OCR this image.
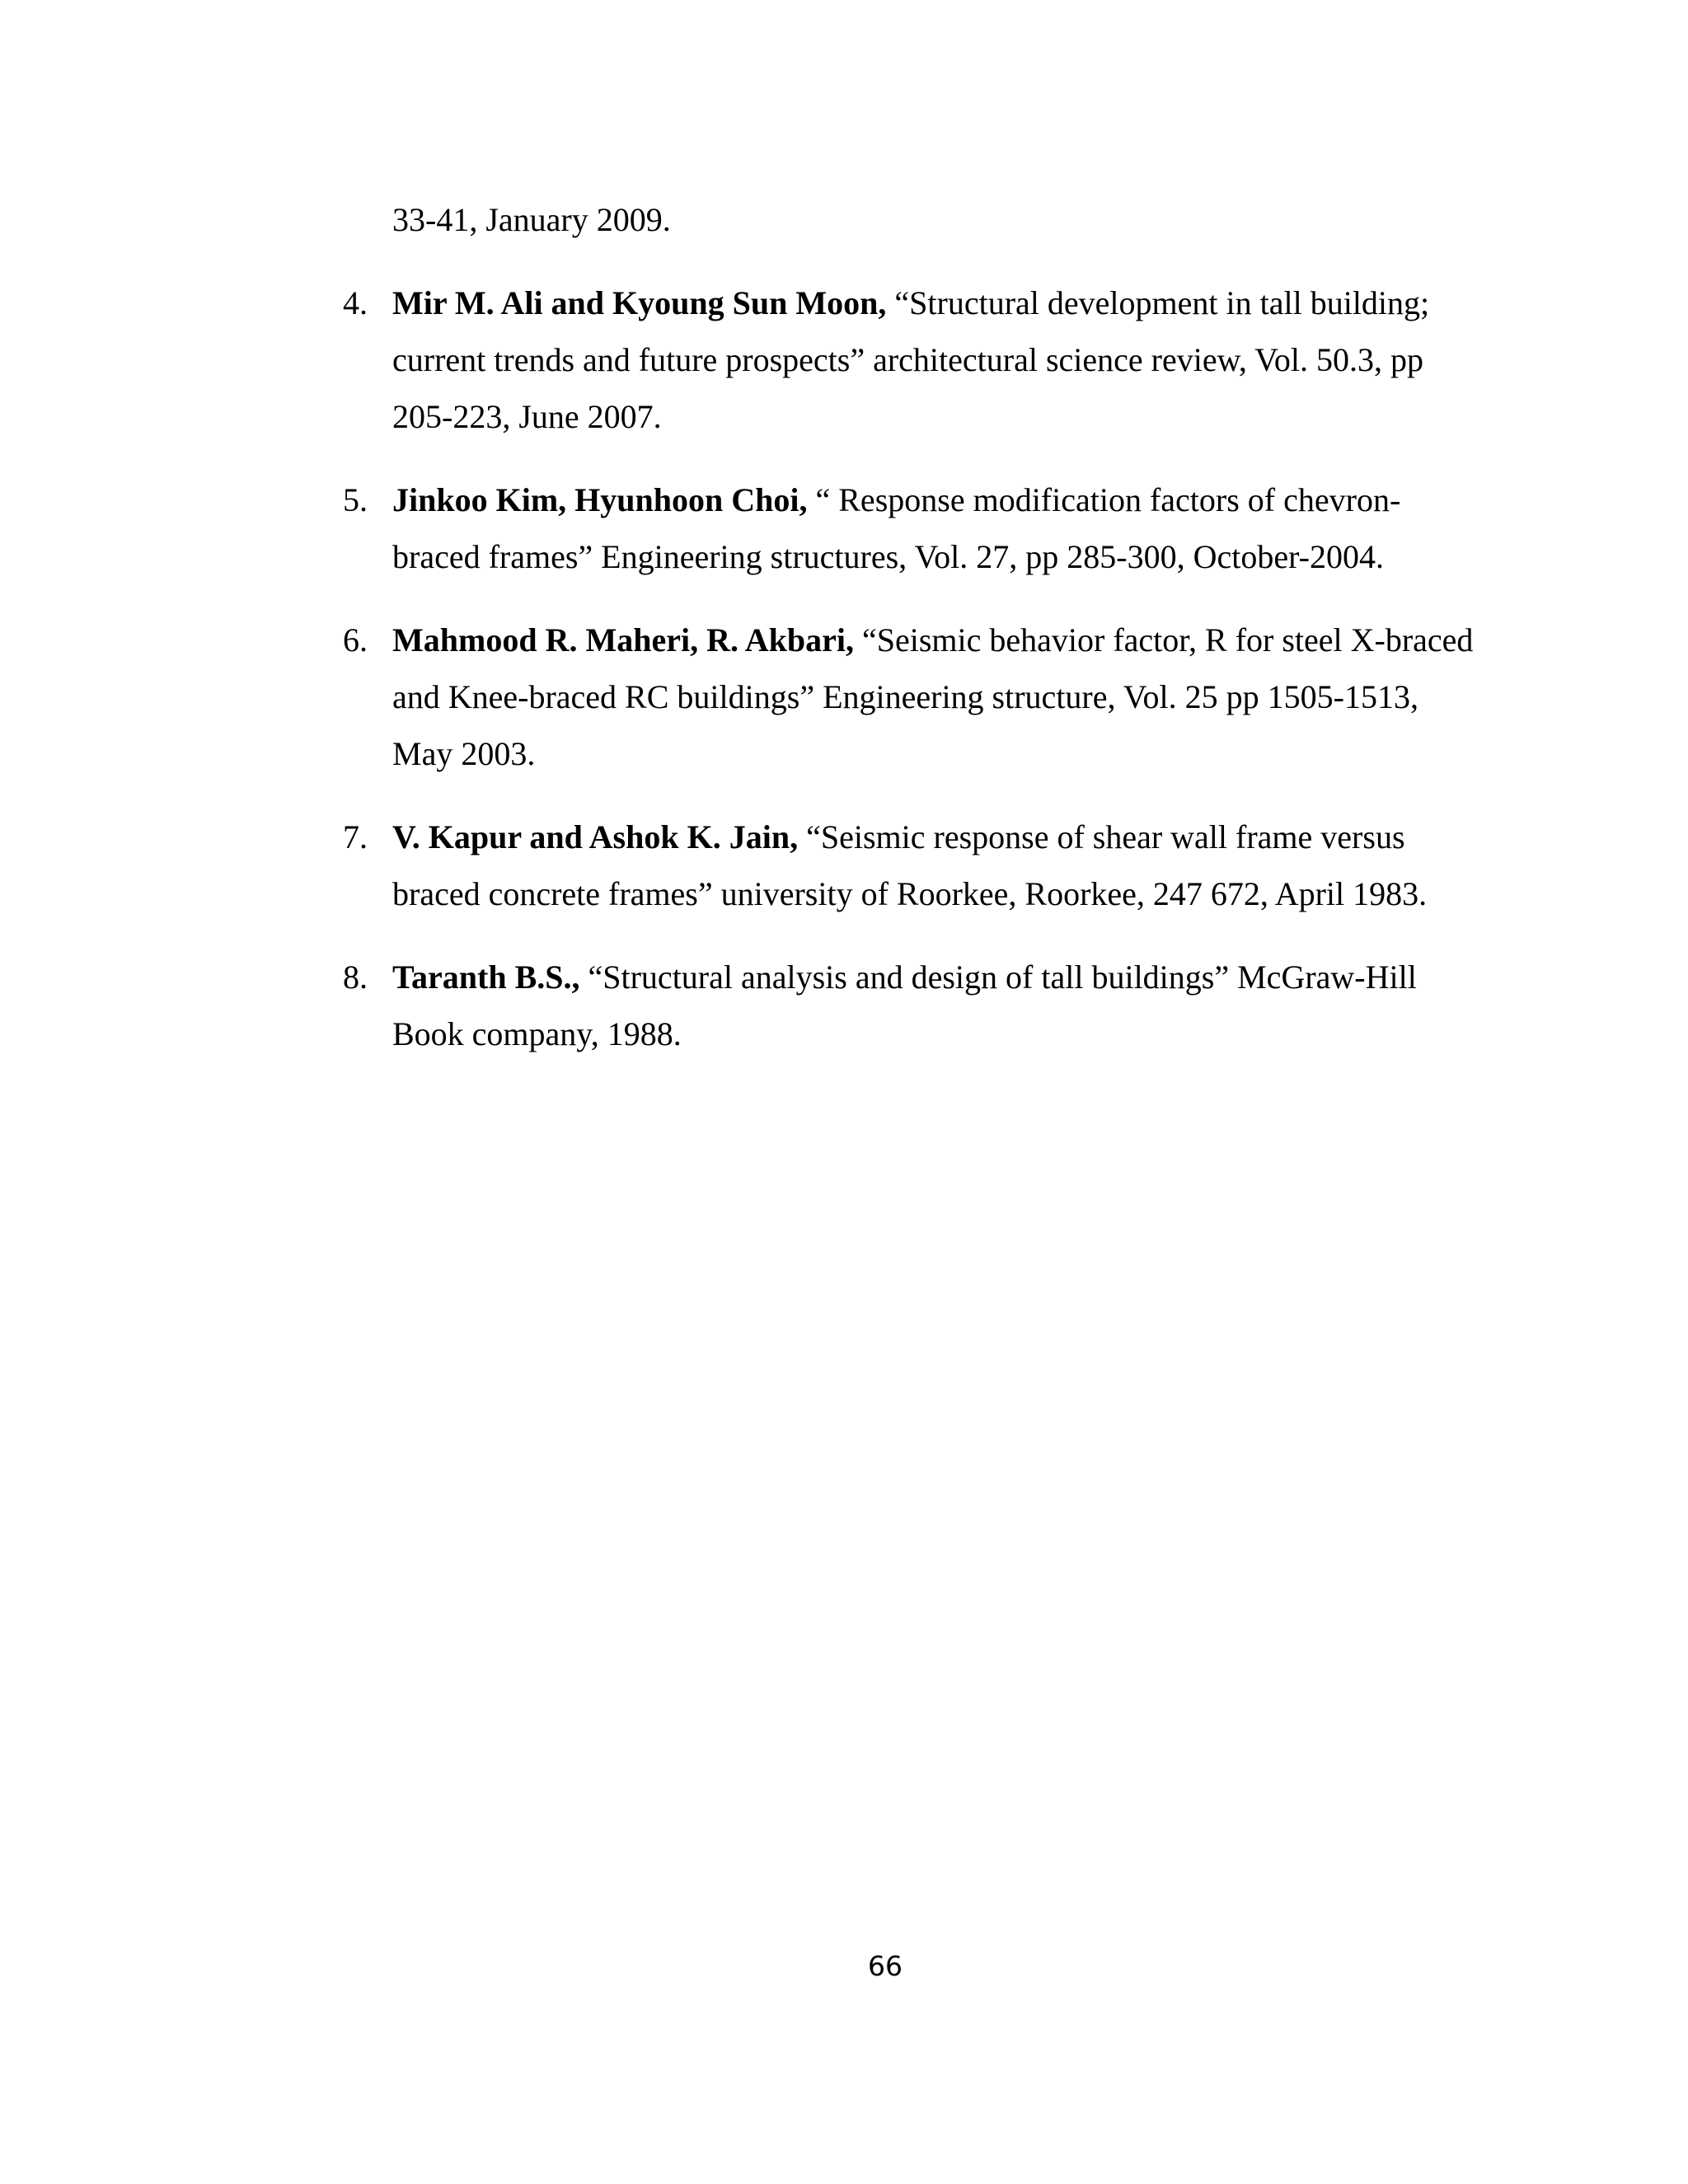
33-41, January 2009.
4. Mir M. Ali and Kyoung Sun Moon, “Structural development in tall building;
current trends and future prospects” architectural science review, Vol. 50.3, pp
205-223, June 2007.
5. Jinkoo Kim, Hyunhoon Choi, “ Response modification factors of chevron-
braced frames” Engineering structures, Vol. 27, pp 285-300, October-2004.
6. Mahmood R. Maheri, R. Akbari, “Seismic behavior factor, R for steel X-braced
and Knee-braced RC buildings” Engineering structure, Vol. 25 pp 1505-1513,
May 2003.
7. V. Kapur and Ashok K. Jain, “Seismic response of shear wall frame versus
braced concrete frames” university of Roorkee, Roorkee, 247 672, April 1983.
8. Taranth B.S., “Structural analysis and design of tall buildings” McGraw-Hill
Book company, 1988.
66
